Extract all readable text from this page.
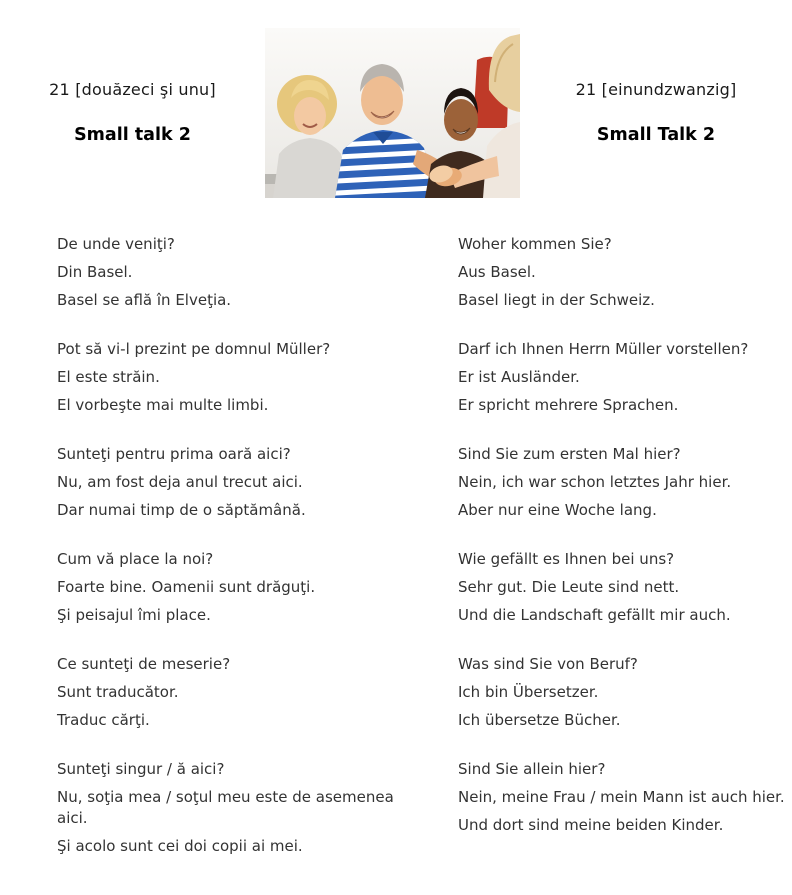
21 [douăzeci şi unu]
Small talk 2
21 [einundzwanzig]
Small Talk 2

De unde veniţi?

Din Basel.

Basel se află în Elveţia.

Pot să vi-l prezint pe domnul Müller?

El este străin.

El vorbeşte mai multe limbi.

Sunteţi pentru prima oară aici?

Nu, am fost deja anul trecut aici.

Dar numai timp de o săptămână.

Cum vă place la noi?

Foarte bine. Oamenii sunt drăguţi.

Şi peisajul îmi place.

Ce sunteţi de meserie?

Sunt traducător.

Traduc cărţi.

Sunteţi singur / ă aici?

Nu, soţia mea / soţul meu este de asemenea aici.

Şi acolo sunt cei doi copii ai mei.

Woher kommen Sie?

Aus Basel.

Basel liegt in der Schweiz.

Darf ich Ihnen Herrn Müller vorstellen?

Er ist Ausländer.

Er spricht mehrere Sprachen.

Sind Sie zum ersten Mal hier?

Nein, ich war schon letztes Jahr hier.

Aber nur eine Woche lang.

Wie gefällt es Ihnen bei uns?

Sehr gut. Die Leute sind nett.

Und die Landschaft gefällt mir auch.

Was sind Sie von Beruf?

Ich bin Übersetzer.

Ich übersetze Bücher.

Sind Sie allein hier?

Nein, meine Frau / mein Mann ist auch hier.

Und dort sind meine beiden Kinder.
